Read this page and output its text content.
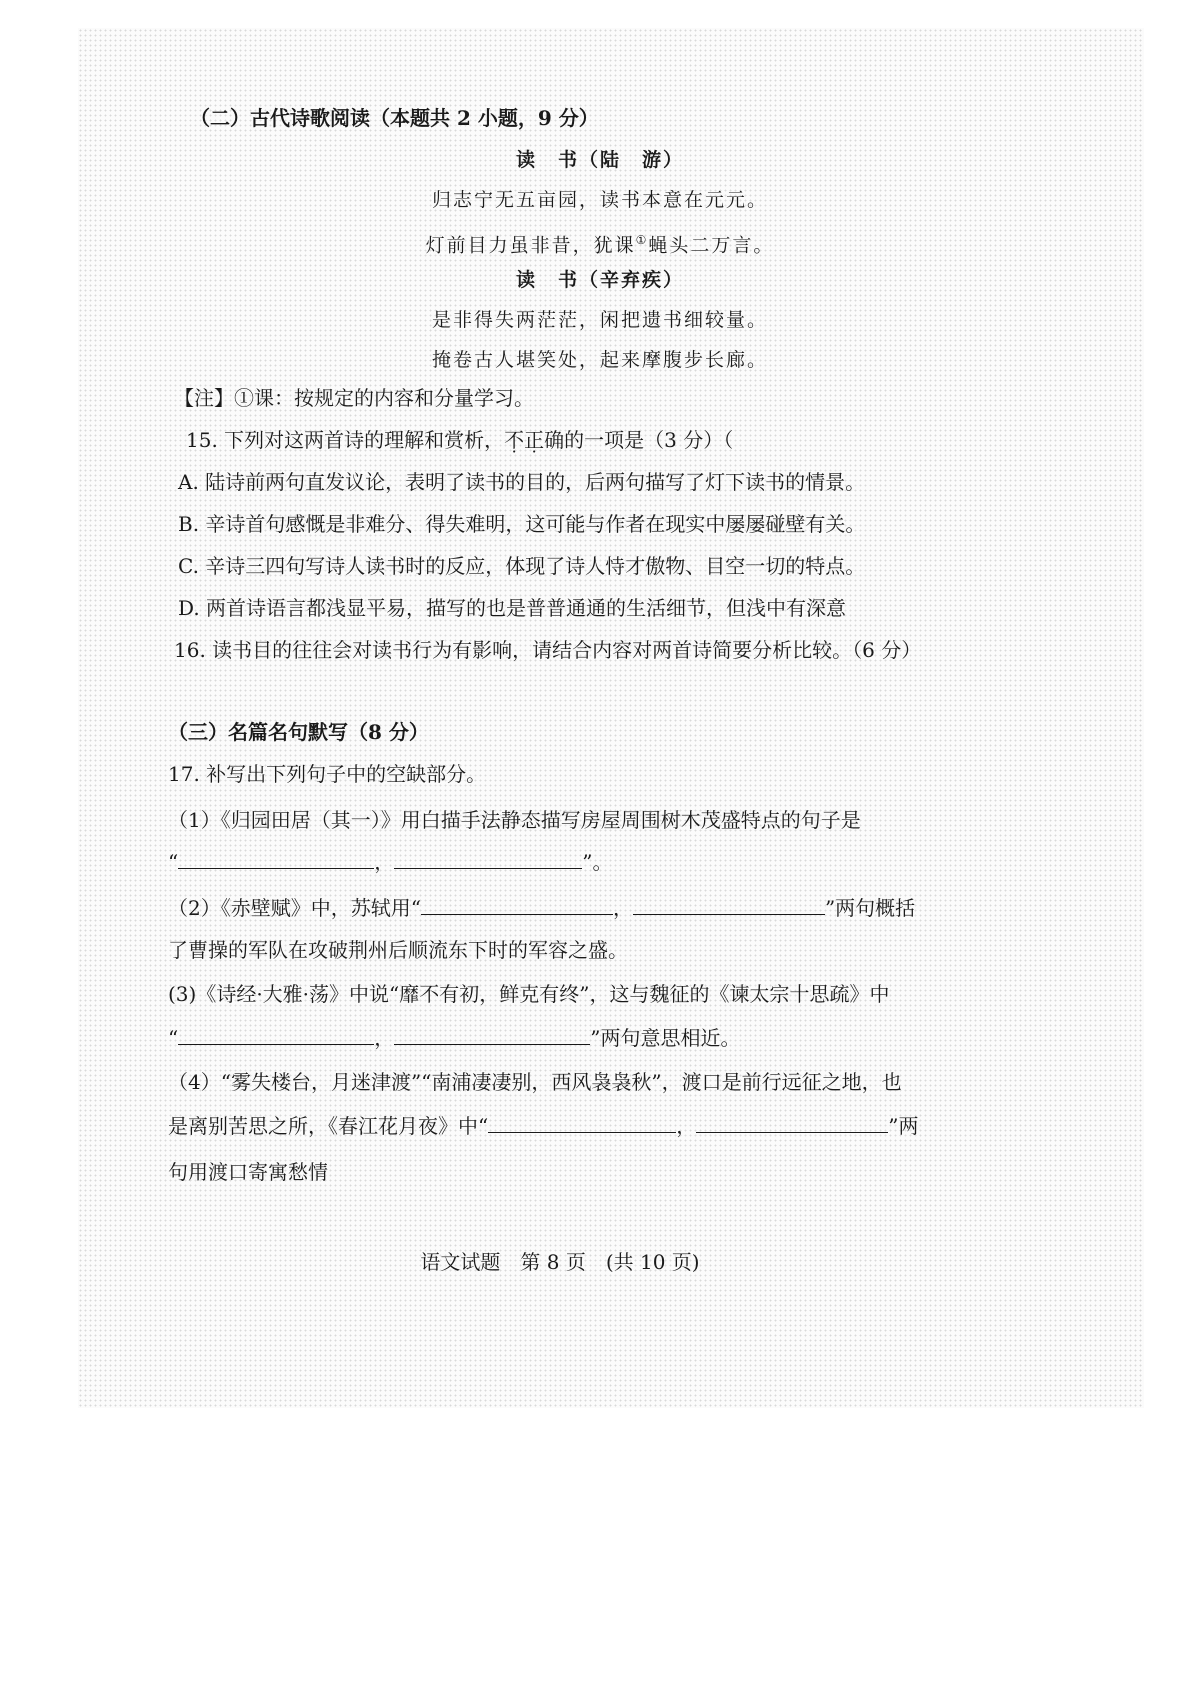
（二）古代诗歌阅读（本题共 2 小题，9 分）
读　书（陆　游）
归志宁无五亩园，读书本意在元元。
灯前目力虽非昔，犹课①蝇头二万言。
读　书（辛弃疾）
是非得失两茫茫，闲把遗书细较量。
掩卷古人堪笑处，起来摩腹步长廊。
【注】①课：按规定的内容和分量学习。
15. 下列对这两首诗的理解和赏析，不正确的一项是（3 分）（
A. 陆诗前两句直发议论，表明了读书的目的，后两句描写了灯下读书的情景。
B. 辛诗首句感慨是非难分、得失难明，这可能与作者在现实中屡屡碰壁有关。
C. 辛诗三四句写诗人读书时的反应，体现了诗人恃才傲物、目空一切的特点。
D. 两首诗语言都浅显平易，描写的也是普普通通的生活细节，但浅中有深意
16. 读书目的往往会对读书行为有影响，请结合内容对两首诗简要分析比较。（6 分）
（三）名篇名句默写（8 分）
17. 补写出下列句子中的空缺部分。
（1）《归园田居（其一）》用白描手法静态描写房屋周围树木茂盛特点的句子是
“	，	”。
（2）《赤壁赋》中，苏轼用“	，	”两句概括
了曹操的军队在攻破荆州后顺流东下时的军容之盛。
(3)《诗经·大雅·荡》中说“靡不有初，鲜克有终”，这与魏征的《谏太宗十思疏》中
“	，	”两句意思相近。
（4）“雾失楼台，月迷津渡”“南浦凄凄别，西风袅袅秋”，渡口是前行远征之地，也
是离别苦思之所，《春江花月夜》中“	，	”两
句用渡口寄寓愁情
语文试题　第 8 页　(共 10 页)
